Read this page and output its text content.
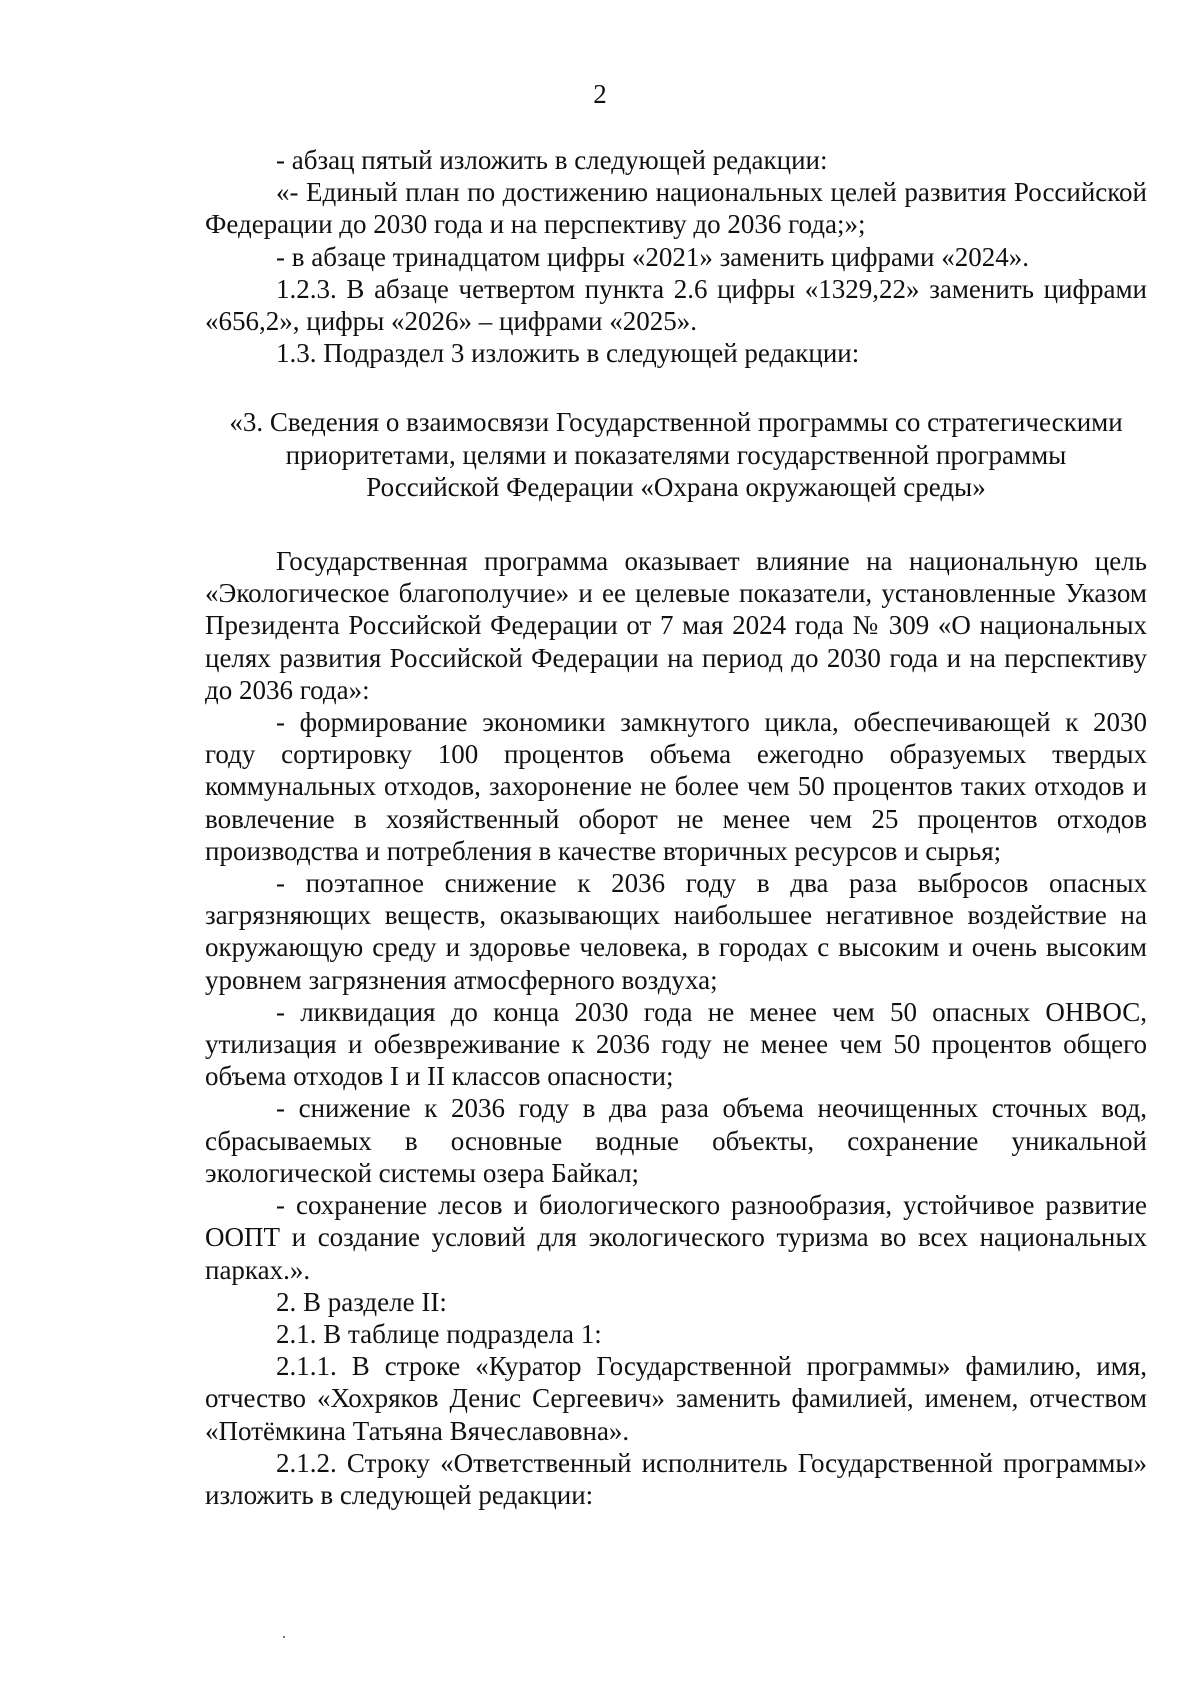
2

- абзац пятый изложить в следующей редакции:

«- Единый план по достижению национальных целей развития Российской Федерации до 2030 года и на перспективу до 2036 года;»;

- в абзаце тринадцатом цифры «2021» заменить цифрами «2024».

1.2.3. В абзаце четвертом пункта 2.6 цифры «1329,22» заменить цифрами «656,2», цифры «2026» – цифрами «2025».

1.3. Подраздел 3 изложить в следующей редакции:

«3. Сведения о взаимосвязи Государственной программы со стратегическими

приоритетами, целями и показателями государственной программы

Российской Федерации «Охрана окружающей среды»

Государственная программа оказывает влияние на национальную цель «Экологическое благополучие» и ее целевые показатели, установленные Указом Президента Российской Федерации от 7 мая 2024 года № 309 «О национальных целях развития Российской Федерации на период до 2030 года и на перспективу до 2036 года»:

- формирование экономики замкнутого цикла, обеспечивающей к 2030 году сортировку 100 процентов объема ежегодно образуемых твердых коммунальных отходов, захоронение не более чем 50 процентов таких отходов и вовлечение в хозяйственный оборот не менее чем 25 процентов отходов производства и потребления в качестве вторичных ресурсов и сырья;

- поэтапное снижение к 2036 году в два раза выбросов опасных загрязняющих веществ, оказывающих наибольшее негативное воздействие на окружающую среду и здоровье человека, в городах с высоким и очень высоким уровнем загрязнения атмосферного воздуха;

- ликвидация до конца 2030 года не менее чем 50 опасных ОНВОС, утилизация и обезвреживание к 2036 году не менее чем 50 процентов общего объема отходов I и II классов опасности;

- снижение к 2036 году в два раза объема неочищенных сточных вод, сбрасываемых в основные водные объекты, сохранение уникальной экологической системы озера Байкал;

- сохранение лесов и биологического разнообразия, устойчивое развитие ООПТ и создание условий для экологического туризма во всех национальных парках.».

2. В разделе II:

2.1. В таблице подраздела 1:

2.1.1. В строке «Куратор Государственной программы» фамилию, имя, отчество «Хохряков Денис Сергеевич» заменить фамилией, именем, отчеством «Потёмкина Татьяна Вячеславовна».

2.1.2. Строку «Ответственный исполнитель Государственной программы» изложить в следующей редакции:
